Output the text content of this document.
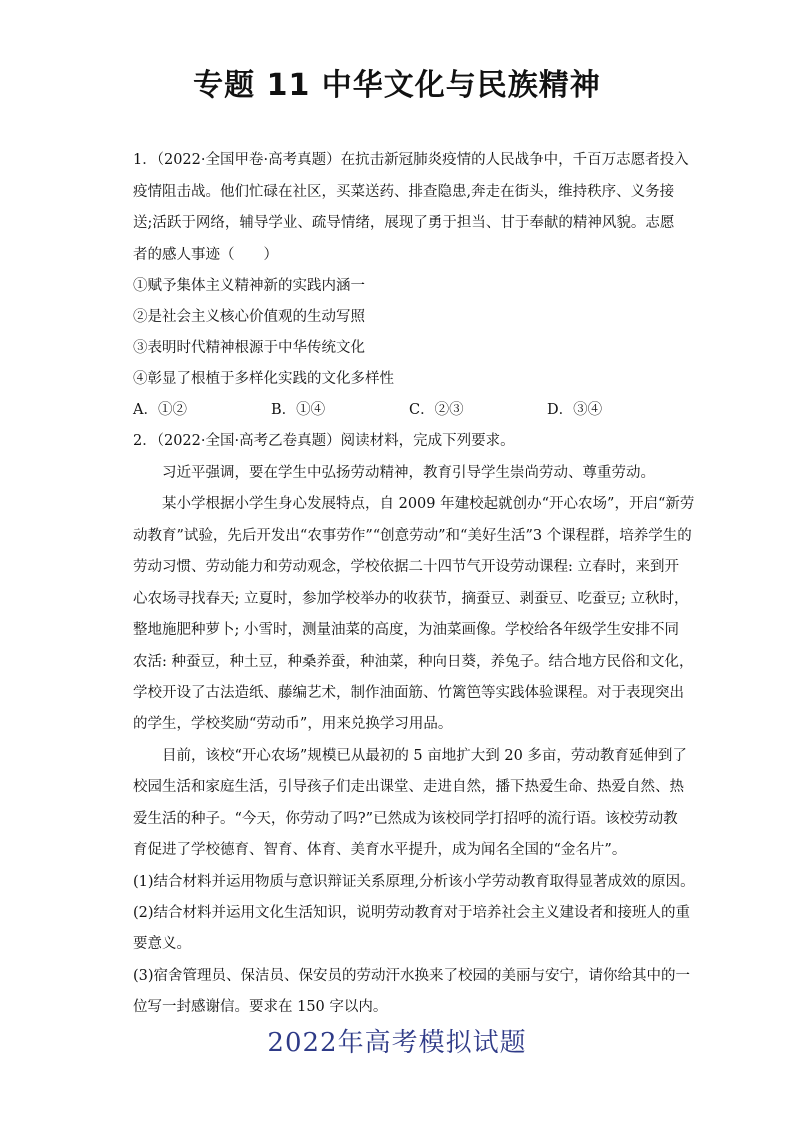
专题 11 中华文化与民族精神
1．（2022·全国甲卷·高考真题）在抗击新冠肺炎疫情的人民战争中，千百万志愿者投入
疫情阻击战。他们忙碌在社区，买菜送药、排查隐患,奔走在街头，维持秩序、义务接
送;活跃于网络，辅导学业、疏导情绪，展现了勇于担当、甘于奉献的精神风貌。志愿
者的感人事迹（　　）
①赋予集体主义精神新的实践内涵一
②是社会主义核心价值观的生动写照
③表明时代精神根源于中华传统文化
④彰显了根植于多样化实践的文化多样性
A．①②	B．①④	C．②③	D．③④
2．（2022·全国·高考乙卷真题）阅读材料，完成下列要求。
习近平强调，要在学生中弘扬劳动精神，教育引导学生崇尚劳动、尊重劳动。
某小学根据小学生身心发展特点，自 2009 年建校起就创办“开心农场”，开启“新劳
动教育”试验，先后开发出“农事劳作”“创意劳动”和“美好生活”3 个课程群，培养学生的
劳动习惯、劳动能力和劳动观念，学校依据二十四节气开设劳动课程: 立春时，来到开
心农场寻找春天; 立夏时，参加学校举办的收获节，摘蚕豆、剥蚕豆、吃蚕豆; 立秋时，
整地施肥种萝卜; 小雪时，测量油菜的高度，为油菜画像。学校给各年级学生安排不同
农活: 种蚕豆，种土豆，种桑养蚕，种油菜，种向日葵，养兔子。结合地方民俗和文化，
学校开设了古法造纸、藤编艺术，制作油面筋、竹篱笆等实践体验课程。对于表现突出
的学生，学校奖励“劳动币”，用来兑换学习用品。
目前，该校“开心农场”规模已从最初的 5 亩地扩大到 20 多亩，劳动教育延伸到了
校园生活和家庭生活，引导孩子们走出课堂、走进自然，播下热爱生命、热爱自然、热
爱生活的种子。“今天，你劳动了吗?”已然成为该校同学打招呼的流行语。该校劳动教
育促进了学校德育、智育、体育、美育水平提升，成为闻名全国的“金名片”。
(1)结合材料并运用物质与意识辩证关系原理,分析该小学劳动教育取得显著成效的原因。
(2)结合材料并运用文化生活知识，说明劳动教育对于培养社会主义建设者和接班人的重
要意义。
(3)宿舍管理员、保洁员、保安员的劳动汗水换来了校园的美丽与安宁，请你给其中的一
位写一封感谢信。要求在 150 字以内。
2022年高考模拟试题
